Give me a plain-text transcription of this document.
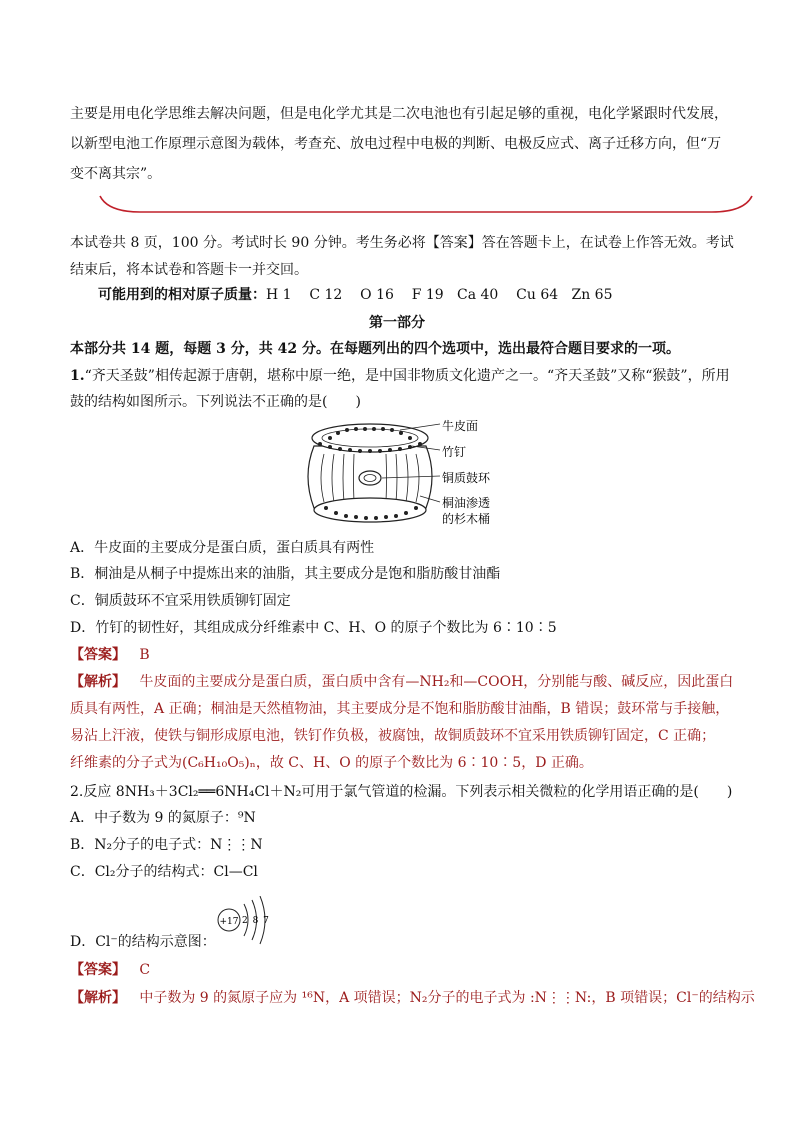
主要是用电化学思维去解决问题，但是电化学尤其是二次电池也有引起足够的重视，电化学紧跟时代发展，
以新型电池工作原理示意图为载体，考查充、放电过程中电极的判断、电极反应式、离子迁移方向，但“万
变不离其宗”。
本试卷共 8 页，100 分。考试时长 90 分钟。考生务必将【答案】答在答题卡上，在试卷上作答无效。考试
结束后，将本试卷和答题卡一并交回。
可能用到的相对原子质量：H 1    C 12    O 16    F 19   Ca 40    Cu 64   Zn 65
第一部分
本部分共 14 题，每题 3 分，共 42 分。在每题列出的四个选项中，选出最符合题目要求的一项。
1.“齐天圣鼓”相传起源于唐朝，堪称中原一绝，是中国非物质文化遗产之一。“齐天圣鼓”又称“猴鼓”，所用
鼓的结构如图所示。下列说法不正确的是(　　)
牛皮面
竹钉
铜质鼓环
桐油渗透
的杉木桶
A．牛皮面的主要成分是蛋白质，蛋白质具有两性
B．桐油是从桐子中提炼出来的油脂，其主要成分是饱和脂肪酸甘油酯
C．铜质鼓环不宜采用铁质铆钉固定
D．竹钉的韧性好，其组成成分纤维素中 C、H、O 的原子个数比为 6∶10∶5
【答案】 B
【解析】 牛皮面的主要成分是蛋白质，蛋白质中含有—NH₂和—COOH，分别能与酸、碱反应，因此蛋白
质具有两性，A 正确；桐油是天然植物油，其主要成分是不饱和脂肪酸甘油酯，B 错误；鼓环常与手接触，
易沾上汗液，使铁与铜形成原电池，铁钉作负极，被腐蚀，故铜质鼓环不宜采用铁质铆钉固定，C 正确；
纤维素的分子式为(C₆H₁₀O₅)ₙ，故 C、H、O 的原子个数比为 6∶10∶5，D 正确。
2.反应 8NH₃＋3Cl₂══6NH₄Cl＋N₂可用于氯气管道的检漏。下列表示相关微粒的化学用语正确的是(　　)
A．中子数为 9 的氮原子：⁹N
B．N₂分子的电子式：N⋮⋮N
C．Cl₂分子的结构式：Cl—Cl
+17 2 8 7
D．Cl⁻的结构示意图：
【答案】 C
【解析】 中子数为 9 的氮原子应为 ¹⁶N，A 项错误；N₂分子的电子式为 :N⋮⋮N:，B 项错误；Cl⁻的结构示
